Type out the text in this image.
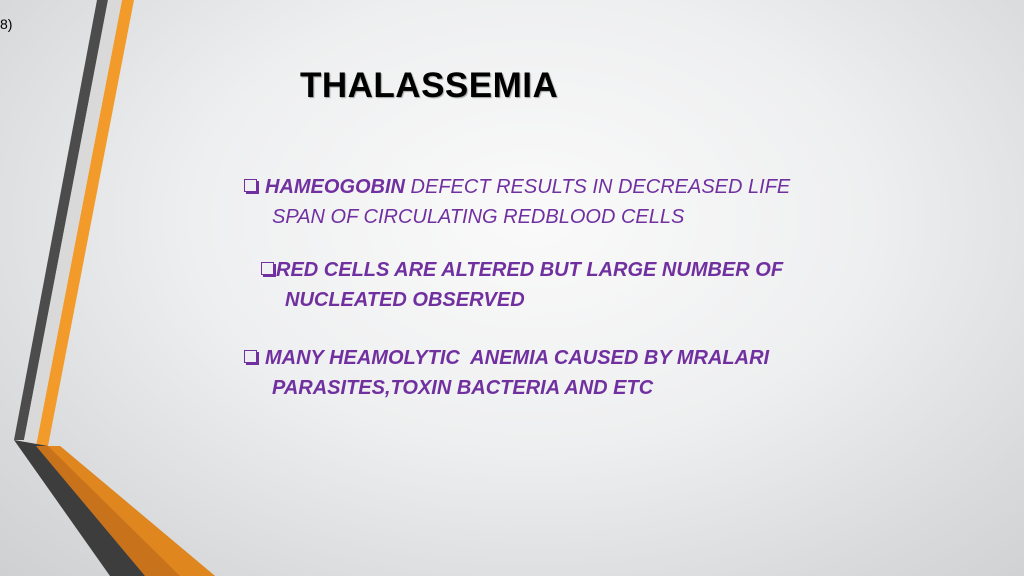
8)
THALASSEMIA
HAMEOGOBIN DEFECT RESULTS IN DECREASED LIFE
SPAN OF CIRCULATING REDBLOOD CELLS
RED CELLS ARE ALTERED BUT LARGE NUMBER OF
NUCLEATED OBSERVED
MANY HEAMOLYTIC  ANEMIA CAUSED BY MRALARI
PARASITES,TOXIN BACTERIA AND ETC
